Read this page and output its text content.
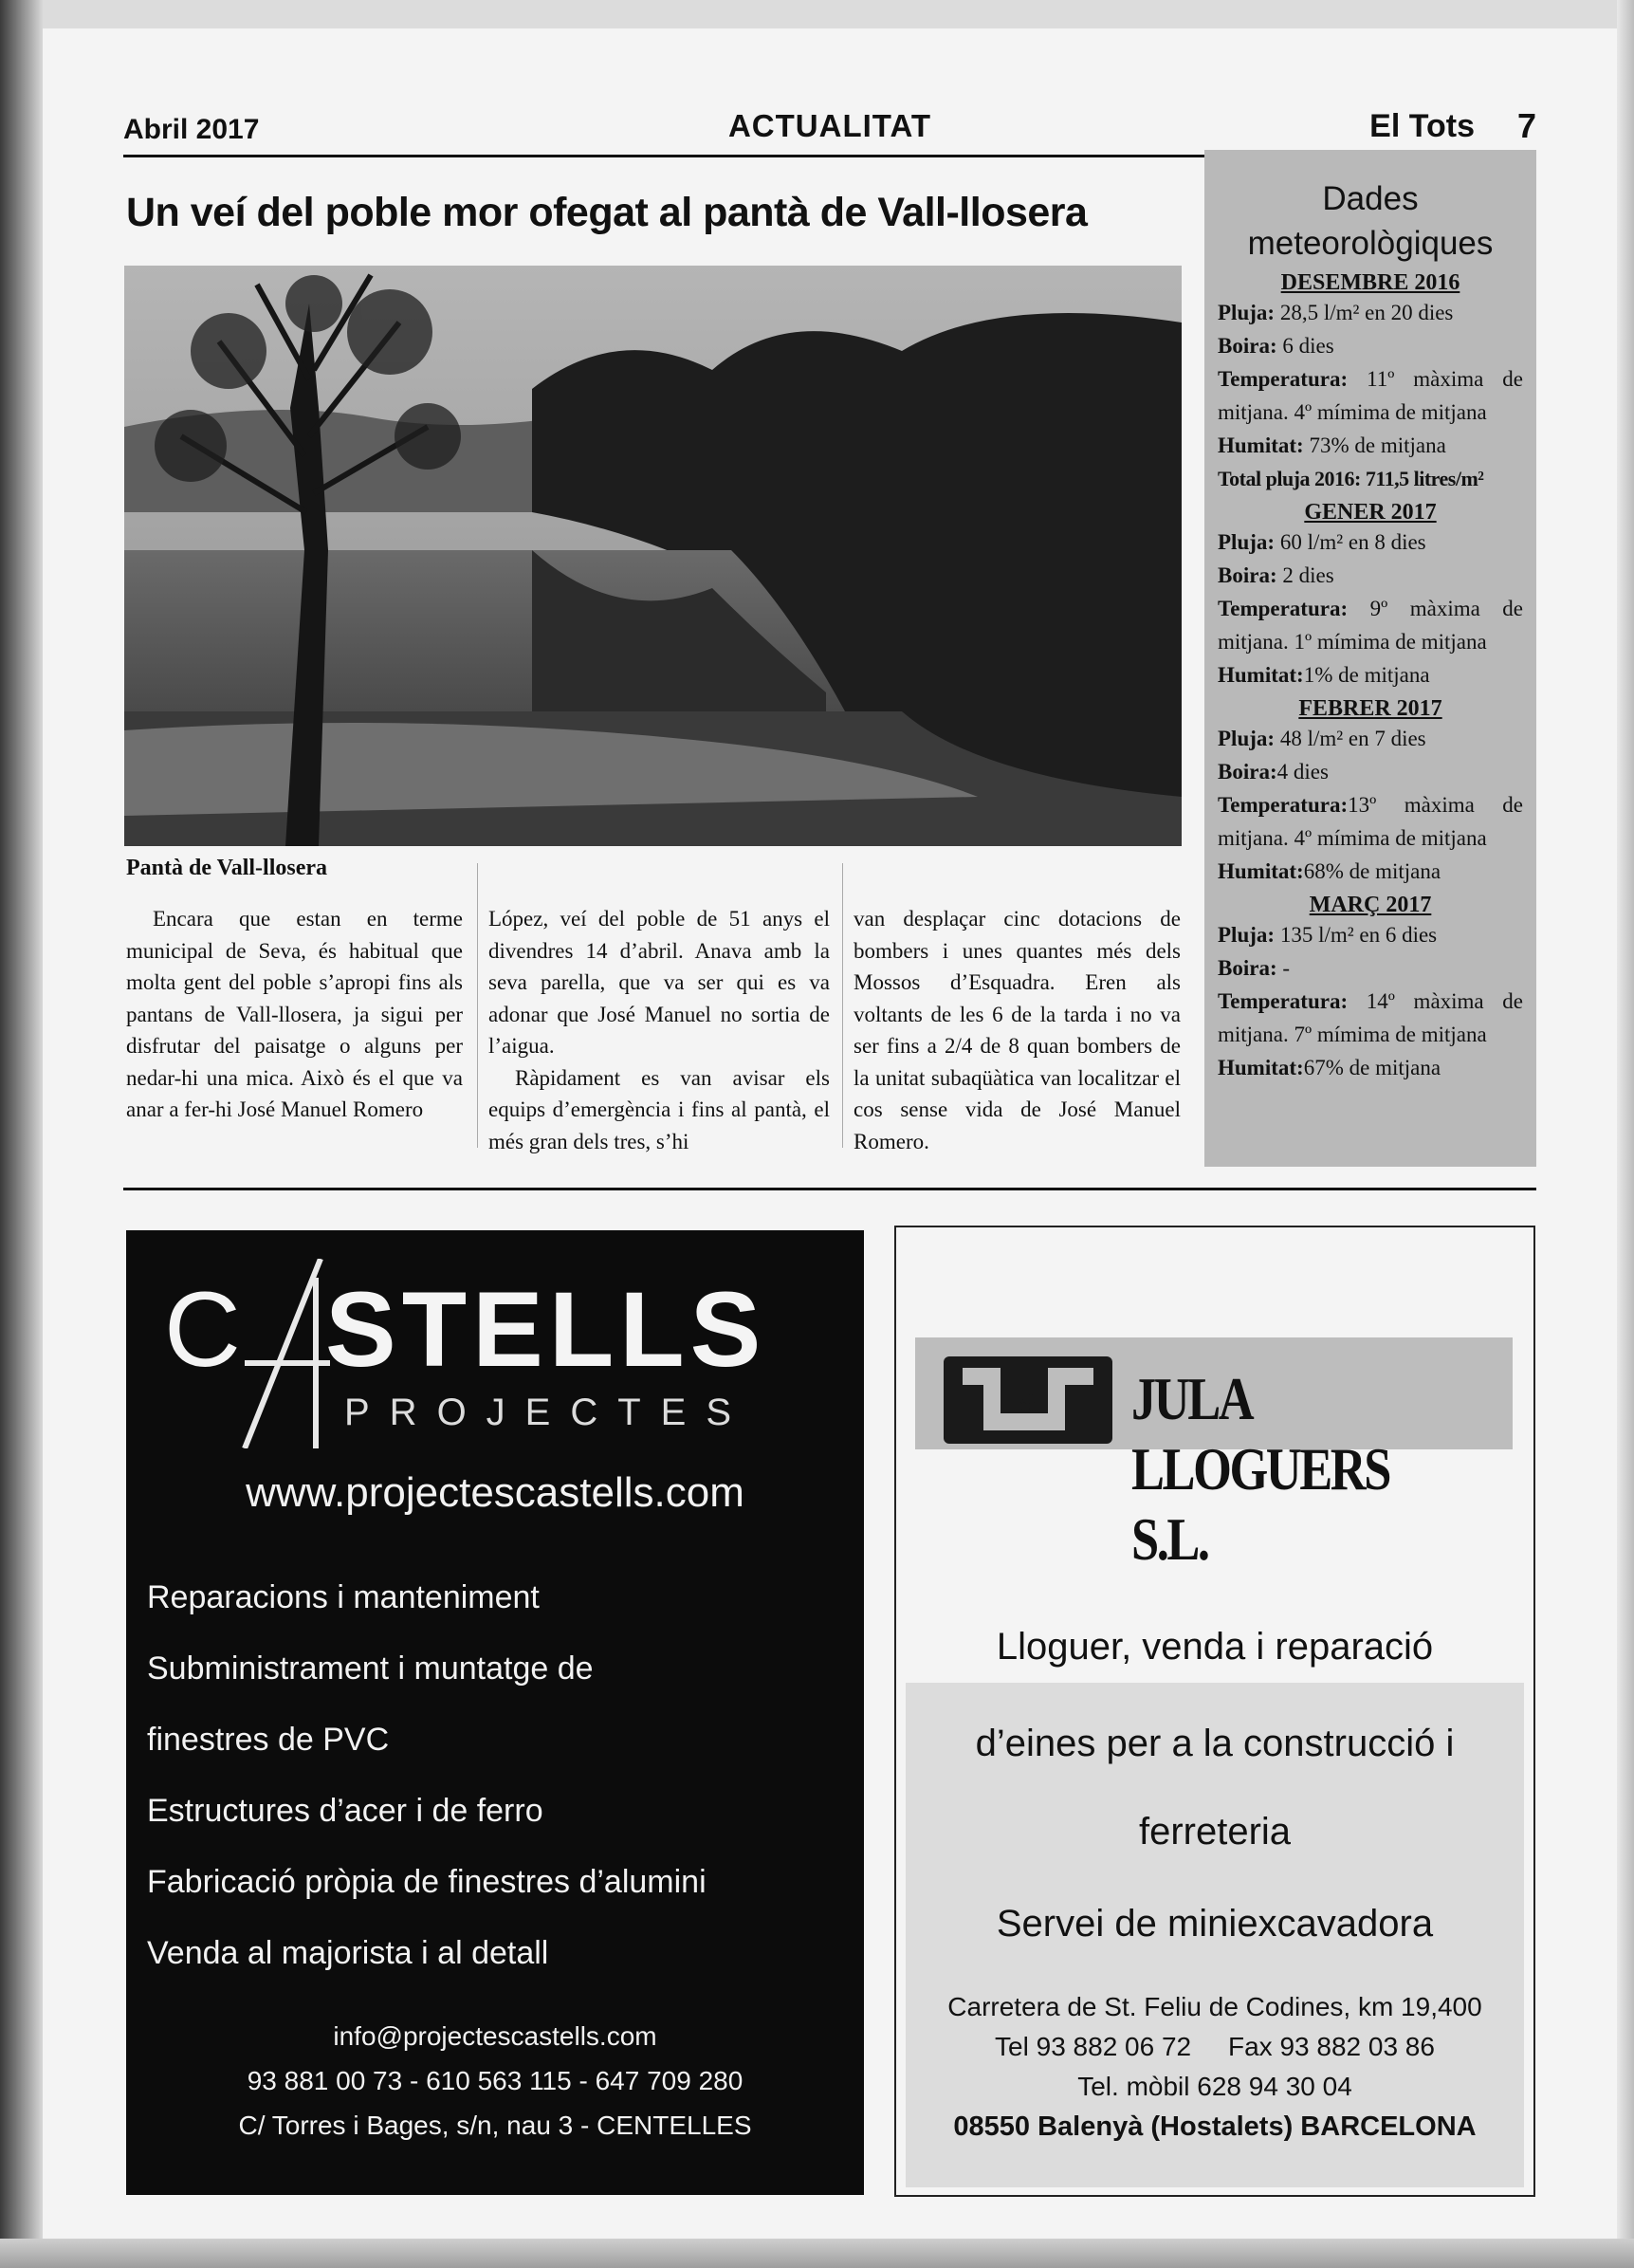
Abril 2017	ACTUALITAT	El Tots 7
Un veí del poble mor ofegat al pantà de Vall-llosera
Pantà de Vall-llosera

Encara que estan en terme municipal de Seva, és habitual que molta gent del poble s’apropi fins als pantans de Vall-llosera, ja sigui per disfrutar del paisatge o alguns per nedar-hi una mica. Això és el que va anar a fer-hi José Manuel Romero

López, veí del poble de 51 anys el divendres 14 d’abril. Anava amb la seva parella, que va ser qui es va adonar que José Manuel no sortia de l’aigua.

Ràpidament es van avisar els equips d’emergència i fins al pantà, el més gran dels tres, s’hi

van desplaçar cinc dotacions de bombers i unes quantes més dels Mossos d’Esquadra. Eren als voltants de les 6 de la tarda i no va ser fins a 2/4 de 8 quan bombers de la unitat subaqüàtica van localitzar el cos sense vida de José Manuel Romero.

Dades meteorològiques
DESEMBRE 2016
Pluja: 28,5 l/m² en 20 dies
Boira: 6 dies
Temperatura: 11º màxima de mitjana. 4º mímima de mitjana
Humitat: 73% de mitjana
Total pluja 2016: 711,5 litres/m²
GENER 2017
Pluja: 60 l/m² en 8 dies
Boira: 2 dies
Temperatura: 9º màxima de mitjana. 1º mímima de mitjana
Humitat:1% de mitjana
FEBRER 2017
Pluja: 48 l/m² en 7 dies
Boira:4 dies
Temperatura:13º màxima de mitjana. 4º mímima de mitjana
Humitat:68% de mitjana
MARÇ 2017
Pluja: 135 l/m² en 6 dies
Boira: -
Temperatura: 14º màxima de mitjana. 7º mímima de mitjana
Humitat:67% de mitjana
C STELLS
PROJECTES
www.projectescastells.com
Reparacions i manteniment
Subministrament i muntatge de
finestres de PVC
Estructures d’acer i de ferro
Fabricació pròpia de finestres d’alumini
Venda al majorista i al detall
info@projectescastells.com
93 881 00 73 - 610 563 115 - 647 709 280
C/ Torres i Bages, s/n, nau 3 - CENTELLES
& JULA LLOGUERS S.L.
Lloguer, venda i reparació
d’eines per a la construcció i
ferreteria
Servei de miniexcavadora
Carretera de St. Feliu de Codines, km 19,400
Tel 93 882 06 72     Fax 93 882 03 86
Tel. mòbil 628 94 30 04
08550 Balenyà (Hostalets) BARCELONA
